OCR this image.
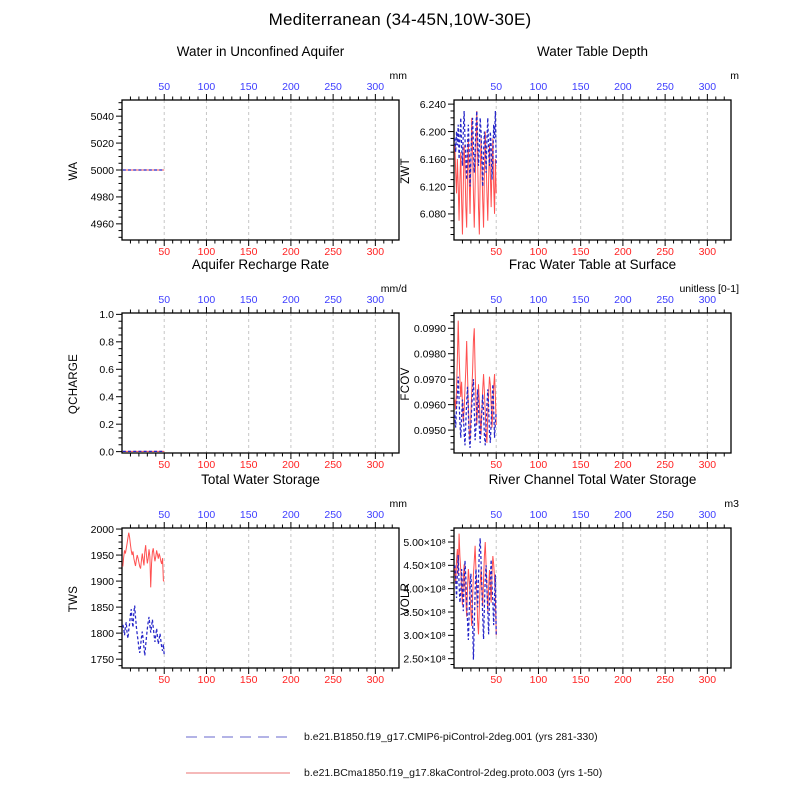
Mediterranean (34-45N,10W-30E)
50
50
100
100
150
150
200
200
250
250
300
300
4960
4980
5000
5020
5040
Water in Unconfined Aquifer
WA
mm
50
50
100
100
150
150
200
200
250
250
300
300
6.080
6.120
6.160
6.200
6.240
Water Table Depth
ZWT
m
50
50
100
100
150
150
200
200
250
250
300
300
0.0
0.2
0.4
0.6
0.8
1.0
Aquifer Recharge Rate
QCHARGE
mm/d
50
50
100
100
150
150
200
200
250
250
300
300
0.0950
0.0960
0.0970
0.0980
0.0990
Frac Water Table at Surface
FCOV
unitless [0-1]
50
50
100
100
150
150
200
200
250
250
300
300
1750
1800
1850
1900
1950
2000
Total Water Storage
TWS
mm
50
50
100
100
150
150
200
200
250
250
300
300
2.50×10⁸
3.00×10⁸
3.50×10⁸
4.00×10⁸
4.50×10⁸
5.00×10⁸
River Channel Total Water Storage
VOLR
m3
b.e21.B1850.f19_g17.CMIP6-piControl-2deg.001 (yrs 281-330)
b.e21.BCma1850.f19_g17.8kaControl-2deg.proto.003 (yrs 1-50)
